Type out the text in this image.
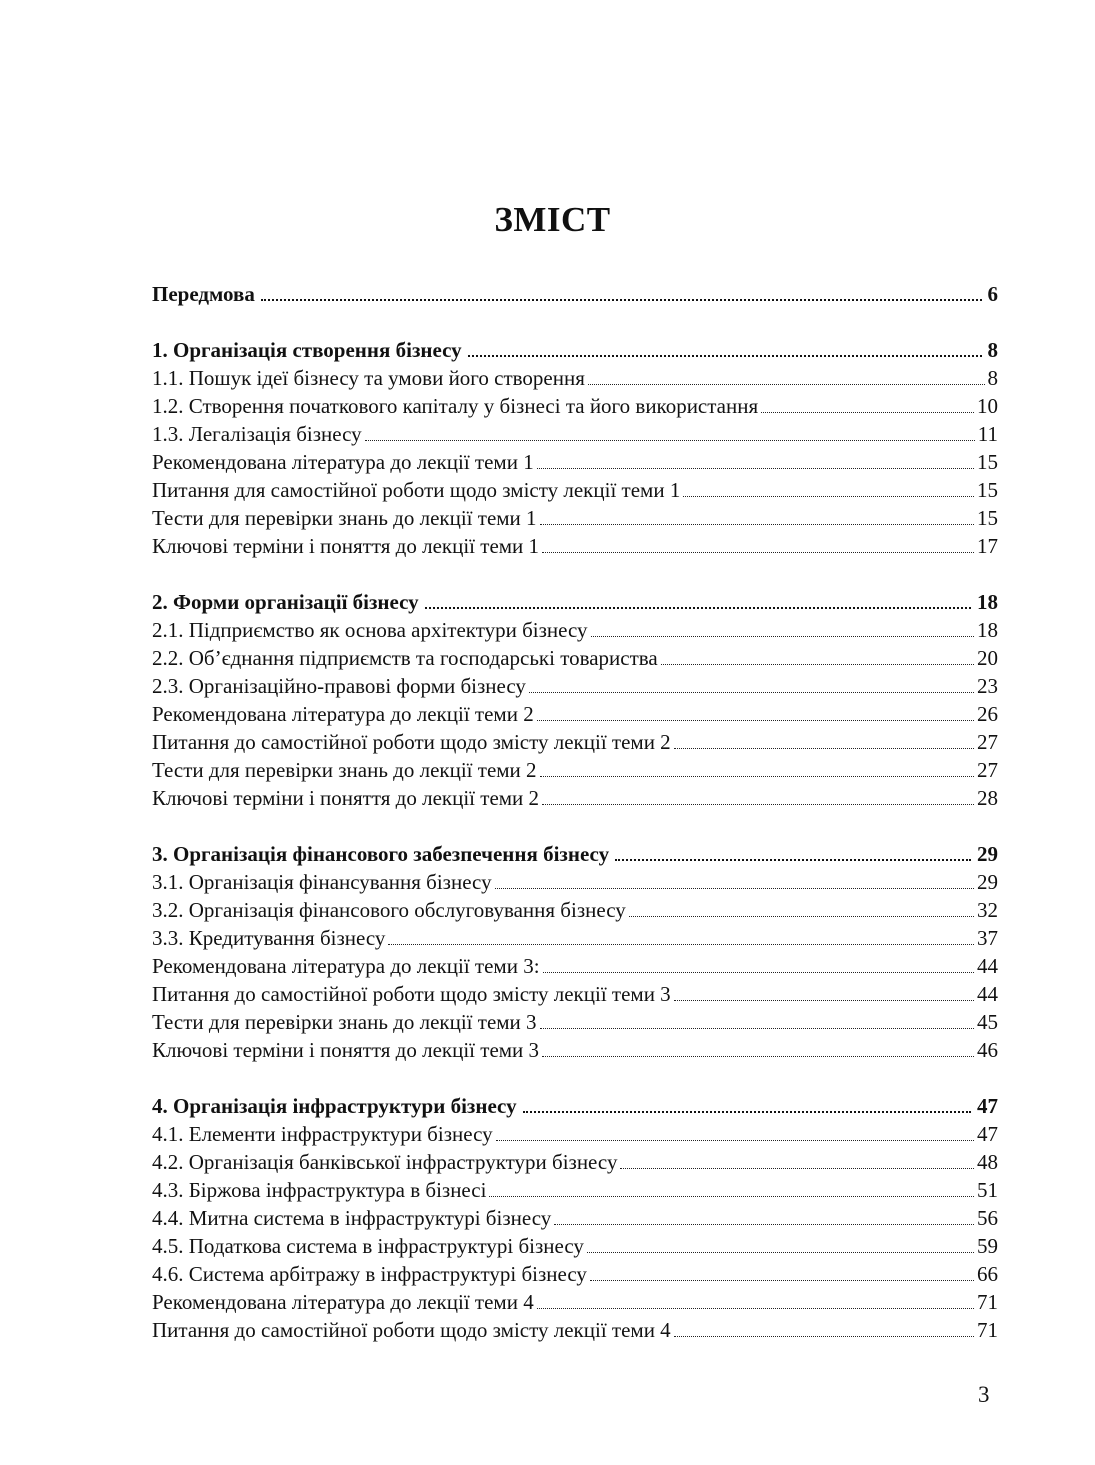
ЗМІСТ
Передмова	6
1. Організація створення бізнесу	8
1.1. Пошук ідеї бізнесу та умови його створення	8
1.2. Створення початкового капіталу у бізнесі та його використання	10
1.3. Легалізація бізнесу	11
Рекомендована література до лекції теми 1	15
Питання для самостійної роботи щодо змісту лекції теми 1	15
Тести для перевірки знань до лекції теми 1	15
Ключові терміни і поняття до лекції теми 1	17
2. Форми організації бізнесу	18
2.1. Підприємство як основа архітектури бізнесу	18
2.2. Об’єднання підприємств та господарські товариства	20
2.3. Організаційно-правові форми бізнесу	23
Рекомендована література до лекції теми 2	26
Питання до самостійної роботи щодо змісту лекції теми 2	27
Тести для перевірки знань до лекції теми 2	27
Ключові терміни і поняття до лекції теми 2	28
3. Організація фінансового забезпечення бізнесу	29
3.1. Організація фінансування бізнесу	29
3.2. Організація фінансового обслуговування бізнесу	32
3.3. Кредитування бізнесу	37
Рекомендована література до лекції теми 3:	44
Питання до самостійної роботи щодо змісту лекції теми 3	44
Тести для перевірки знань до лекції теми 3	45
Ключові терміни і поняття до лекції теми 3	46
4. Організація інфраструктури бізнесу	47
4.1. Елементи інфраструктури бізнесу	47
4.2. Організація банківської інфраструктури бізнесу	48
4.3. Біржова інфраструктура в бізнесі	51
4.4. Митна система в інфраструктурі бізнесу	56
4.5. Податкова система в інфраструктурі бізнесу	59
4.6. Система арбітражу в інфраструктурі бізнесу	66
Рекомендована література до лекції теми 4	71
Питання до самостійної роботи щодо змісту лекції теми 4	71
3
